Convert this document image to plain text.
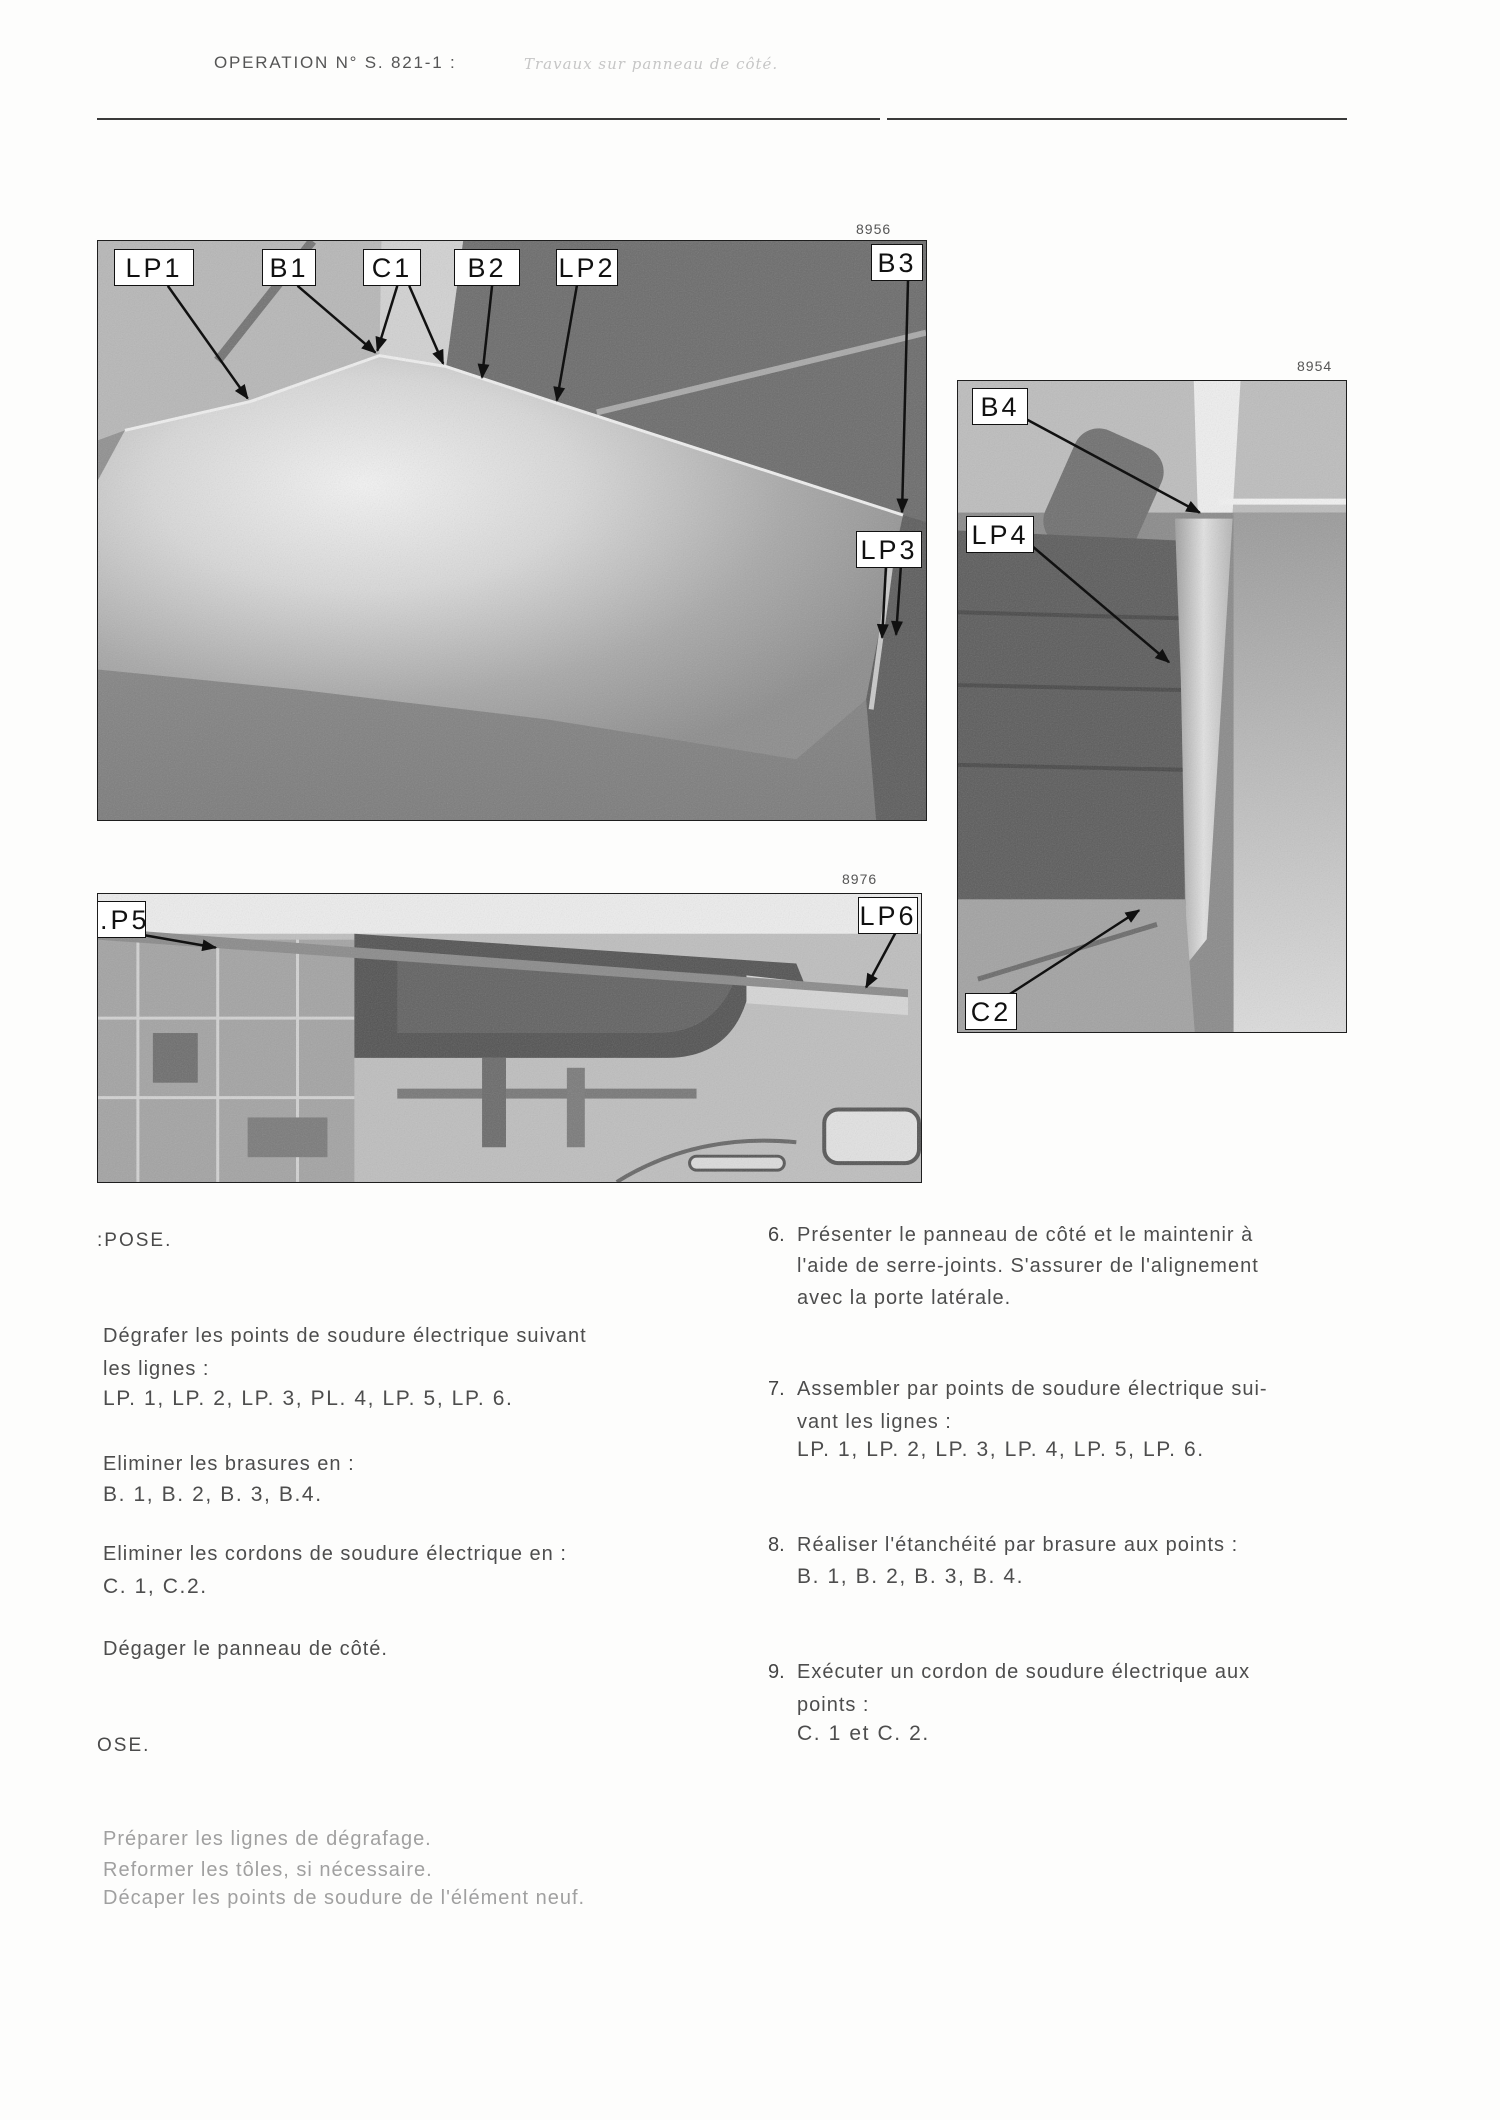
OPERATION N° S. 821-1 :	Travaux sur panneau de côté.
8956
LP1	B1	C1	B2	LP2	B3
LP3
8954
B4
LP4
C2
8976
.P5	LP6
:POSE.
Dégrafer les points de soudure électrique suivant
les lignes :
LP. 1, LP. 2, LP. 3, PL. 4, LP. 5, LP. 6.
Eliminer les brasures en :
B. 1, B. 2, B. 3, B.4.
Eliminer les cordons de soudure électrique en :
C. 1, C.2.
Dégager le panneau de côté.
OSE.
Préparer les lignes de dégrafage.
Reformer les tôles, si nécessaire.
Décaper les points de soudure de l'élément neuf.
6. Présenter le panneau de côté et le maintenir à
l'aide de serre-joints. S'assurer de l'alignement
avec la porte latérale.
7. Assembler par points de soudure électrique sui-
vant les lignes :
LP. 1, LP. 2, LP. 3, LP. 4, LP. 5, LP. 6.
8. Réaliser l'étanchéité par brasure aux points :
B. 1, B. 2, B. 3, B. 4.
9. Exécuter un cordon de soudure électrique aux
points :
C. 1 et C. 2.
